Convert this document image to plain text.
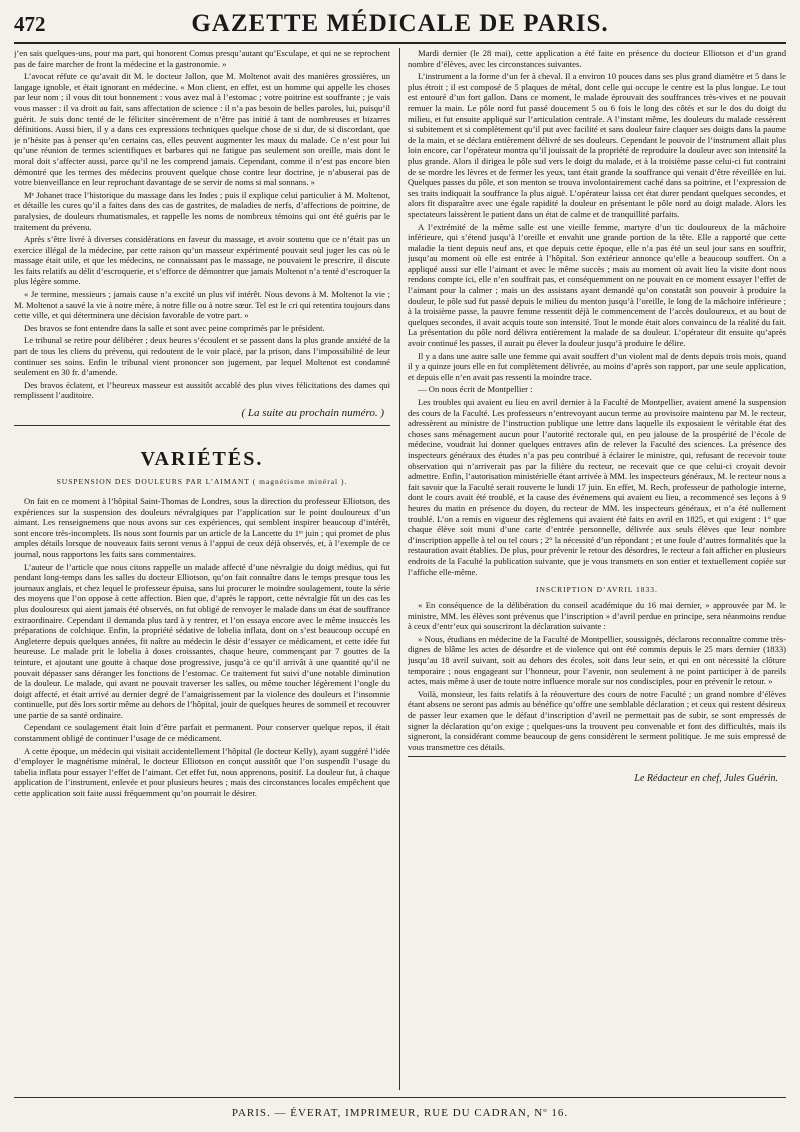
472	GAZETTE MÉDICALE DE PARIS.

j’en sais quelques-uns, pour ma part, qui honorent Comus presqu’autant qu’Esculape, et qui ne se reprochent pas de faire marcher de front la médecine et la gastronomie. »

L’avocat réfute ce qu’avait dit M. le docteur Jallon, que M. Moltenot avait des manières grossières, un langage ignoble, et était ignorant en médecine. « Mon client, en effet, est un homme qui appelle les choses par leur nom ; il vous dit tout bonnement : vous avez mal à l’estomac ; votre poitrine est souffrante ; je vais vous masser : il va droit au fait, sans affectation de science : il n’a pas besoin de belles paroles, lui, puisqu’il guérit. Je suis donc tenté de le féliciter sincèrement de n’être pas initié à tant de nombreuses et bizarres définitions. Aussi bien, il y a dans ces expressions techniques quelque chose de si dur, de si discordant, que je n’hésite pas à penser qu’en certains cas, elles peuvent augmenter les maux du malade. Ce n’est pour lui qu’une réunion de termes scientifiques et barbares qui ne fatigue pas seulement son oreille, mais dont le moral doit s’affecter aussi, parce qu’il ne les comprend jamais. Cependant, comme il n’est pas encore bien démontré que les termes des médecins prouvent quelque chose contre leur doctrine, je n’abuserai pas de votre bienveillance en leur reprochant davantage de se servir de noms si mal sonnans. »

Mᵉ Johanet trace l’historique du massage dans les Indes ; puis il explique celui particulier à M. Moltenot, et détaille les cures qu’il a faites dans des cas de gastrites, de maladies de nerfs, d’affections de poitrine, de paralysies, de douleurs rhumatismales, et rappelle les noms de nombreux témoins qui ont été guéris par le traitement du prévenu.

Après s’être livré à diverses considérations en faveur du massage, et avoir soutenu que ce n’était pas un exercice illégal de la médecine, par cette raison qu’un masseur expérimenté pouvait seul juger les cas où le massage était utile, et que les médecins, ne connaissant pas le massage, ne pouvaient le prescrire, il discute les faits relatifs au délit d’escroquerie, et s’efforce de démontrer que jamais Moltenot n’a tenté d’escroquer la plus légère somme.

« Je termine, messieurs ; jamais cause n’a excité un plus vif intérêt. Nous devons à M. Moltenot la vie ; M. Moltenot a sauvé la vie à notre mère, à notre fille ou à notre sœur. Tel est le cri qui retentira toujours dans cette ville, et qui déterminera une décision favorable de votre part. »

Des bravos se font entendre dans la salle et sont avec peine comprimés par le président.

Le tribunal se retire pour délibérer ; deux heures s’écoulent et se passent dans la plus grande anxiété de la part de tous les cliens du prévenu, qui redoutent de le voir placé, par la prison, dans l’impossibilité de leur continuer ses soins. Enfin le tribunal vient prononcer son jugement, par lequel Moltenot est condamné seulement en 30 fr. d’amende.

Des bravos éclatent, et l’heureux masseur est aussitôt accablé des plus vives félicitations des dames qui remplissent l’auditoire.

( La suite au prochain numéro. )
VARIÉTÉS.
SUSPENSION DES DOULEURS PAR L’AIMANT ( magnétisme minéral ).

On fait en ce moment à l’hôpital Saint-Thomas de Londres, sous la direction du professeur Elliotson, des expériences sur la suspension des douleurs névralgiques par l’application sur le point douloureux d’un aimant. Les renseignemens que nous avons sur ces expériences, qui semblent inspirer beaucoup d’intérêt, sont encore très-incomplets. Ils nous sont fournis par un article de la Lancette du 1ᵉʳ juin ; qui promet de plus amples détails lorsque de nouveaux faits seront venus à l’appui de ceux déjà observés, et, à l’exemple de ce journal, nous rapportons les faits sans commentaires.

L’auteur de l’article que nous citons rappelle un malade affecté d’une névralgie du doigt médius, qui fut pendant long-temps dans les salles du docteur Elliotson, qu’on fait connaître dans le temps presque tous les journaux anglais, et chez lequel le professeur épuisa, sans lui procurer le moindre soulagement, toute la série des moyens que l’on oppose à cette affection. Bien que, d’après le rapport, cette névralgie fût un des cas les plus douloureux qui aient jamais été observés, on fut obligé de renvoyer le malade dans un état de souffrance extraordinaire. Cependant il demanda plus tard à y rentrer, et l’on essaya encore avec le même insuccès les préparations de colchique. Enfin, la propriété sédative de lobelia inflata, dont on s’est beaucoup occupé en Angleterre depuis quelques années, fit naître au médecin le désir d’essayer ce médicament, et cette idée fut heureuse. Le malade prit le lobelia à doses croissantes, chaque heure, commençant par 7 gouttes de la teinture, et ajoutant une goutte à chaque dose progressive, jusqu’à ce qu’il arrivât à une quantité qu’il ne pouvait dépasser sans déranger les fonctions de l’estomac. Ce traitement fut suivi d’une notable diminution de la douleur. Le malade, qui avant ne pouvait traverser les salles, ou même toucher légèrement l’ongle du doigt affecté, et était arrivé au dernier degré de l’amaigrissement par la violence des douleurs et l’insomnie continuelle, put dès lors sortir même au dehors de l’hôpital, jouir de quelques heures de sommeil et recouvrer une partie de sa santé ordinaire.

Cependant ce soulagement était loin d’être parfait et permanent. Pour conserver quelque repos, il était constamment obligé de continuer l’usage de ce médicament.

A cette époque, un médecin qui visitait accidentellement l’hôpital (le docteur Kelly), ayant suggéré l’idée d’employer le magnétisme minéral, le docteur Elliotson en conçut aussitôt que l’on suspendît l’usage du tabelia inflata pour essayer l’effet de l’aimant. Cet effet fut, nous apprenons, positif. La douleur fut, à chaque application de l’instrument, enlevée et pour plusieurs heures ; mais des circonstances locales empêchent que cette application soit faite aussi fréquemment qu’on pourrait le désirer.

Mardi dernier (le 28 mai), cette application a été faite en présence du docteur Elliotson et d’un grand nombre d’élèves, avec les circonstances suivantes.

L’instrument a la forme d’un fer à cheval. Il a environ 10 pouces dans ses plus grand diamètre et 5 dans le plus étroit ; il est composé de 5 plaques de métal, dont celle qui occupe le centre est la plus longue. Le tout est entouré d’un fort gallon. Dans ce moment, le malade éprouvait des souffrances très-vives et ne pouvait remuer la main. Le pôle nord fut passé doucement 5 ou 6 fois le long des côtés et sur le dos du doigt du milieu, et fut ensuite appliqué sur l’articulation centrale. A l’instant même, les douleurs du malade cessèrent si subitement et si complètement qu’il put avec facilité et sans douleur faire claquer ses doigts dans la paume de la main, et se déclara entièrement délivré de ses douleurs. Cependant le pouvoir de l’instrument allait plus loin encore, car l’opérateur montra qu’il jouissait de la propriété de reproduire la douleur avec son intensité la plus grande. Alors il dirigea le pôle sud vers le doigt du malade, et à la troisième passe celui-ci fut contraint de se mordre les lèvres et de fermer les yeux, tant était grande la souffrance qui venait d’être réveillée en lui. Quelques passes du pôle, et son menton se trouva involontairement caché dans sa poitrine, et l’expression de ses traits indiquait la souffrance la plus aiguë. L’opérateur laissa cet état durer pendant quelques secondes, et alors fit disparaître avec une égale rapidité la douleur en présentant le pôle nord au doigt malade. Alors les spectateurs laissèrent le patient dans un état de calme et de tranquillité parfaits.

A l’extrémité de la même salle est une vieille femme, martyre d’un tic douloureux de la mâchoire inférieure, qui s’étend jusqu’à l’oreille et envahit une grande portion de la tête. Elle a rapporté que cette maladie la tient depuis neuf ans, et que depuis cette époque, elle n’a pas été un seul jour sans en souffrir, jusqu’au moment où elle est entrée à l’hôpital. Son extérieur annonce qu’elle a beaucoup souffert. On a appliqué aussi sur elle l’aimant et avec le même succès ; mais au moment où avait lieu la visite dont nous rendons compte ici, elle n’en souffrait pas, et conséquemment on ne pouvait en ce moment essayer l’effet de l’aimant pour la calmer ; mais un des assistans ayant demandé qu’on constatât son pouvoir à produire la douleur, le pôle sud fut passé depuis le milieu du menton jusqu’à l’oreille, le long de la mâchoire inférieure ; à la troisième passe, la pauvre femme ressentit déjà le commencement de l’accès douloureux, et au bout de quelques secondes, il avait acquis toute son intensité. Tout le monde était alors convaincu de la réalité du fait. La présentation du pôle nord délivra entièrement la malade de sa douleur. L’opérateur dit ensuite qu’après avoir continué les passes, il aurait pu élever la douleur jusqu’à produire le délire.

Il y a dans une autre salle une femme qui avait souffert d’un violent mal de dents depuis trois mois, quand il y a quinze jours elle en fut complètement délivrée, au moins d’après son rapport, par une seule application, et depuis elle n’en avait pas ressenti la moindre trace.

— On nous écrit de Montpellier :

Les troubles qui avaient eu lieu en avril dernier à la Faculté de Montpellier, avaient amené la suspension des cours de la Faculté. Les professeurs n’entrevoyant aucun terme au provisoire maintenu par M. le recteur, adressèrent au ministre de l’instruction publique une lettre dans laquelle ils exposaient le véritable état des choses sans ménagement aucun pour l’autorité rectorale qui, en peu jalouse de la prospérité de l’école de médecine, voudrait lui donner quelques entraves afin de relever la Faculté des sciences. La présence des inspecteurs généraux des études n’a pas peu contribué à éclairer le ministre, qui, refusant de recevoir toute observation qui n’arriverait pas par la filière du recteur, ne recevait que ce que celui-ci croyait devoir admettre. Enfin, l’autorisation ministérielle étant arrivée à MM. les inspecteurs généraux, M. le recteur nous a fait savoir que la Faculté serait rouverte le lundi 17 juin. En effet, M. Rech, professeur de pathologie interne, dont le cours avait été troublé, et la cause des événemens qui avaient eu lieu, a recommencé ses leçons à 9 heures du matin en présence du doyen, du recteur de MM. les inspecteurs généraux, et n’a été nullement troublé. L’on a remis en vigueur des règlemens qui avaient été faits en avril en 1825, et qui exigent : 1° que chaque élève soit muni d’une carte d’entrée personnelle, délivrée aux seuls élèves que leur nombre d’inscription appelle à tel ou tel cours ; 2° la nécessité d’un répondant ; et une foule d’autres formalités que la restauration avait établies. De plus, pour prévenir le retour des désordres, le recteur a fait afficher en plusieurs endroits de la Faculté la publication suivante, que je vous transmets en son entier et textuellement copiée sur l’affiche elle-même.

INSCRIPTION D’AVRIL 1833.

« En conséquence de la délibération du conseil académique du 16 mai dernier, » approuvée par M. le ministre, MM. les élèves sont prévenus que l’inscription » d’avril perdue en principe, sera néanmoins rendue à ceux d’entr’eux qui souscriront la déclaration suivante :

» Nous, étudians en médecine de la Faculté de Montpellier, soussignés, déclarons reconnaître comme très-dignes de blâme les actes de désordre et de violence qui ont été commis depuis le 25 mars dernier (1833) jusqu’au 18 avril suivant, soit au dehors des écoles, soit dans leur sein, et qui en ont nécessité la clôture temporaire ; nous engageant sur l’honneur, pour l’avenir, non seulement à ne point participer à de pareils actes, mais même à user de toute notre influence morale sur nos condisciples, pour en prévenir le retour. »

Voilà, monsieur, les faits relatifs à la réouverture des cours de notre Faculté ; un grand nombre d’élèves étant absens ne seront pas admis au bénéfice qu’offre une semblable déclaration ; et ceux qui restent désireux de passer leur examen que le défaut d’inscription d’avril ne permettait pas de subir, se sont empressés de signer la déclaration qu’on exige ; quelques-uns la trouvent peu convenable et font des difficultés, mais ils signeront, la considérant comme beaucoup de gens considèrent le serment politique. Je me suis empressé de vous transmettre ces détails.

Le Rédacteur en chef, Jules Guérin.
PARIS. — ÉVERAT, IMPRIMEUR, RUE DU CADRAN, Nº 16.
